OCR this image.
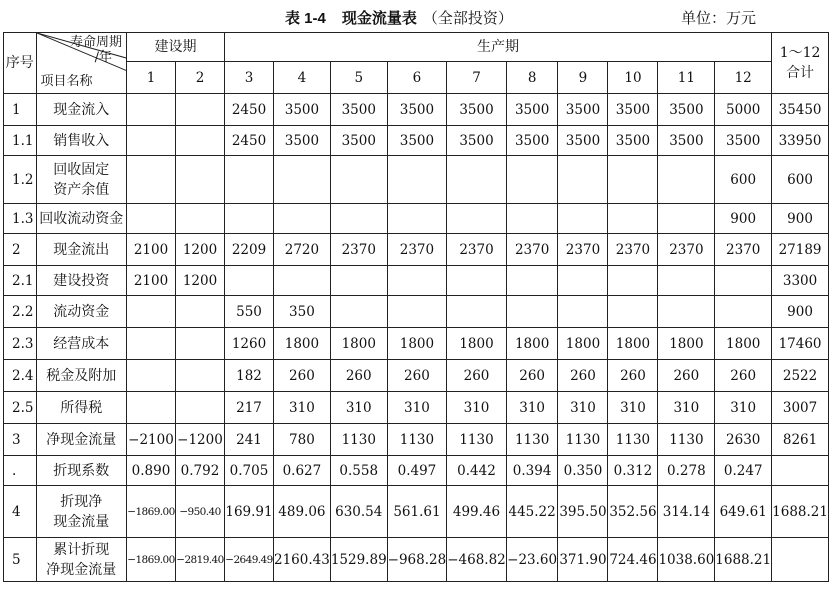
表 1-4 现金流量表 （全部投资）	单位：万元
序号	寿命周期
/年
项目名称	建设期		生产期										1～12
合计
		1	2	3	4	5	6	7	8	9	10	11	12	
1	现金流入			2450	3500	3500	3500	3500	3500	3500	3500	3500	5000	35450
1.1	销售收入			2450	3500	3500	3500	3500	3500	3500	3500	3500	3500	33950
1.2	回收固定
资产余值												600	600
1.3	回收流动资金												900	900
2	现金流出	2100	1200	2209	2720	2370	2370	2370	2370	2370	2370	2370	2370	27189
2.1	建设投资	2100	1200											3300
2.2	流动资金			550	350									900
2.3	经营成本			1260	1800	1800	1800	1800	1800	1800	1800	1800	1800	17460
2.4	税金及附加			182	260	260	260	260	260	260	260	260	260	2522
2.5	所得税			217	310	310	310	310	310	310	310	310	310	3007
3	净现金流量	−2100	−1200	241	780	1130	1130	1130	1130	1130	1130	1130	2630	8261
.	折现系数	0.890	0.792	0.705	0.627	0.558	0.497	0.442	0.394	0.350	0.312	0.278	0.247	
4	折现净
现金流量	−1869.00	−950.40	169.91	489.06	630.54	561.61	499.46	445.22	395.50	352.56	314.14	649.61	1688.21
5	累计折现
净现金流量	−1869.00	−2819.40	−2649.49	2160.43	1529.89	−968.28	−468.82	−23.60	371.90	724.46	1038.60	1688.21	
